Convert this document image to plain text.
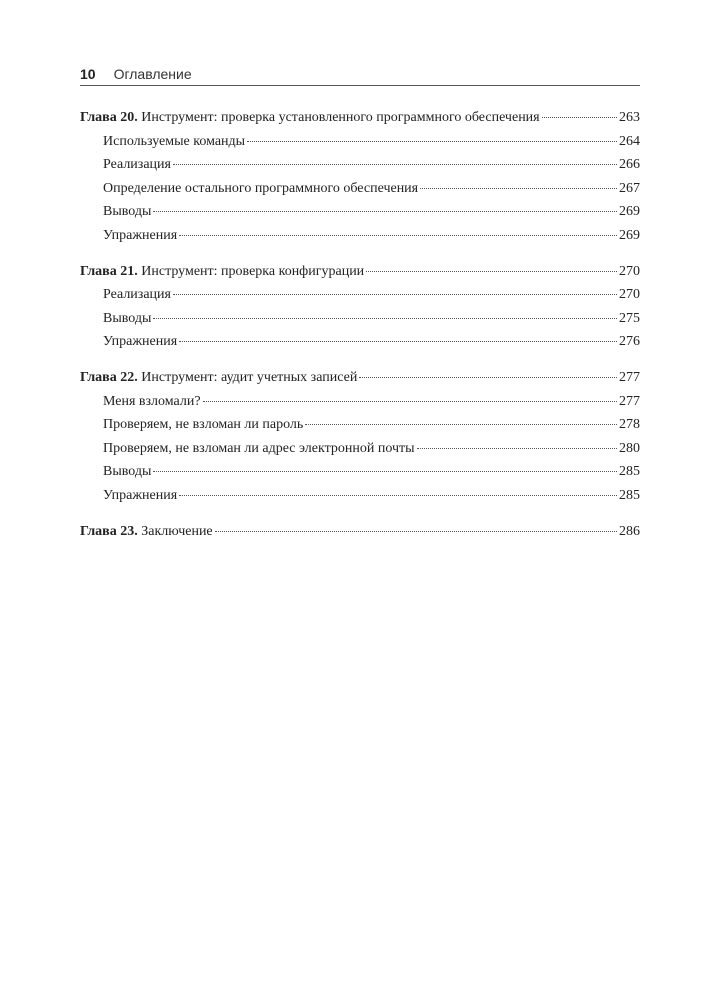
10 Оглавление
Глава 20. Инструмент: проверка установленного программного обеспечения	263
Используемые команды	264
Реализация	266
Определение остального программного обеспечения	267
Выводы	269
Упражнения	269
Глава 21. Инструмент: проверка конфигурации	270
Реализация	270
Выводы	275
Упражнения	276
Глава 22. Инструмент: аудит учетных записей	277
Меня взломали?	277
Проверяем, не взломан ли пароль	278
Проверяем, не взломан ли адрес электронной почты	280
Выводы	285
Упражнения	285
Глава 23. Заключение	286
